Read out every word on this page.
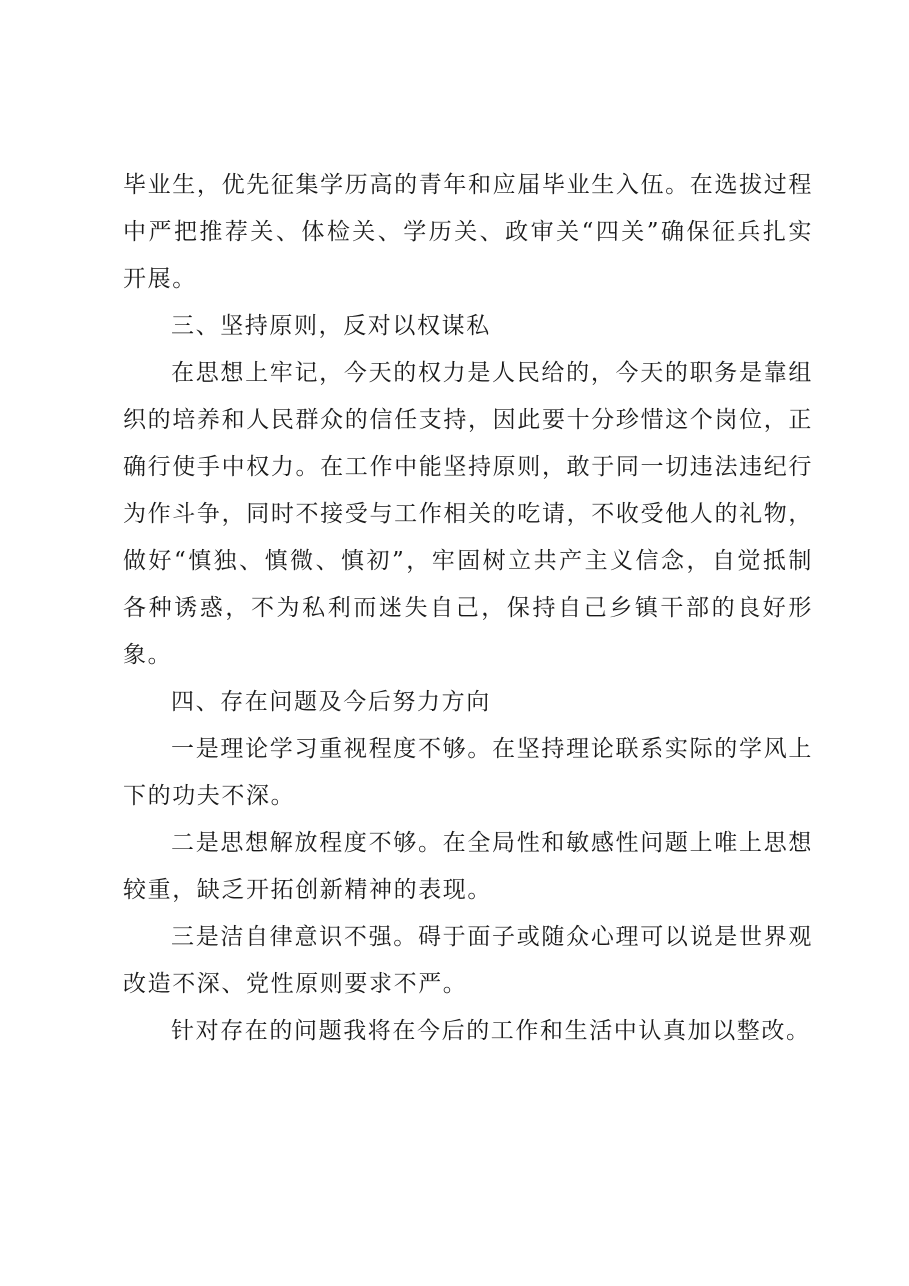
毕业生，优先征集学历高的青年和应届毕业生入伍。在选拔过程中严把推荐关、体检关、学历关、政审关“四关”确保征兵扎实开展。

三、坚持原则，反对以权谋私

在思想上牢记，今天的权力是人民给的，今天的职务是靠组织的培养和人民群众的信任支持，因此要十分珍惜这个岗位，正确行使手中权力。在工作中能坚持原则，敢于同一切违法违纪行为作斗争，同时不接受与工作相关的吃请，不收受他人的礼物，做好“慎独、慎微、慎初”，牢固树立共产主义信念，自觉抵制各种诱惑，不为私利而迷失自己，保持自己乡镇干部的良好形象。

四、存在问题及今后努力方向

一是理论学习重视程度不够。在坚持理论联系实际的学风上下的功夫不深。

二是思想解放程度不够。在全局性和敏感性问题上唯上思想较重，缺乏开拓创新精神的表现。

三是洁自律意识不强。碍于面子或随众心理可以说是世界观改造不深、党性原则要求不严。

针对存在的问题我将在今后的工作和生活中认真加以整改。
